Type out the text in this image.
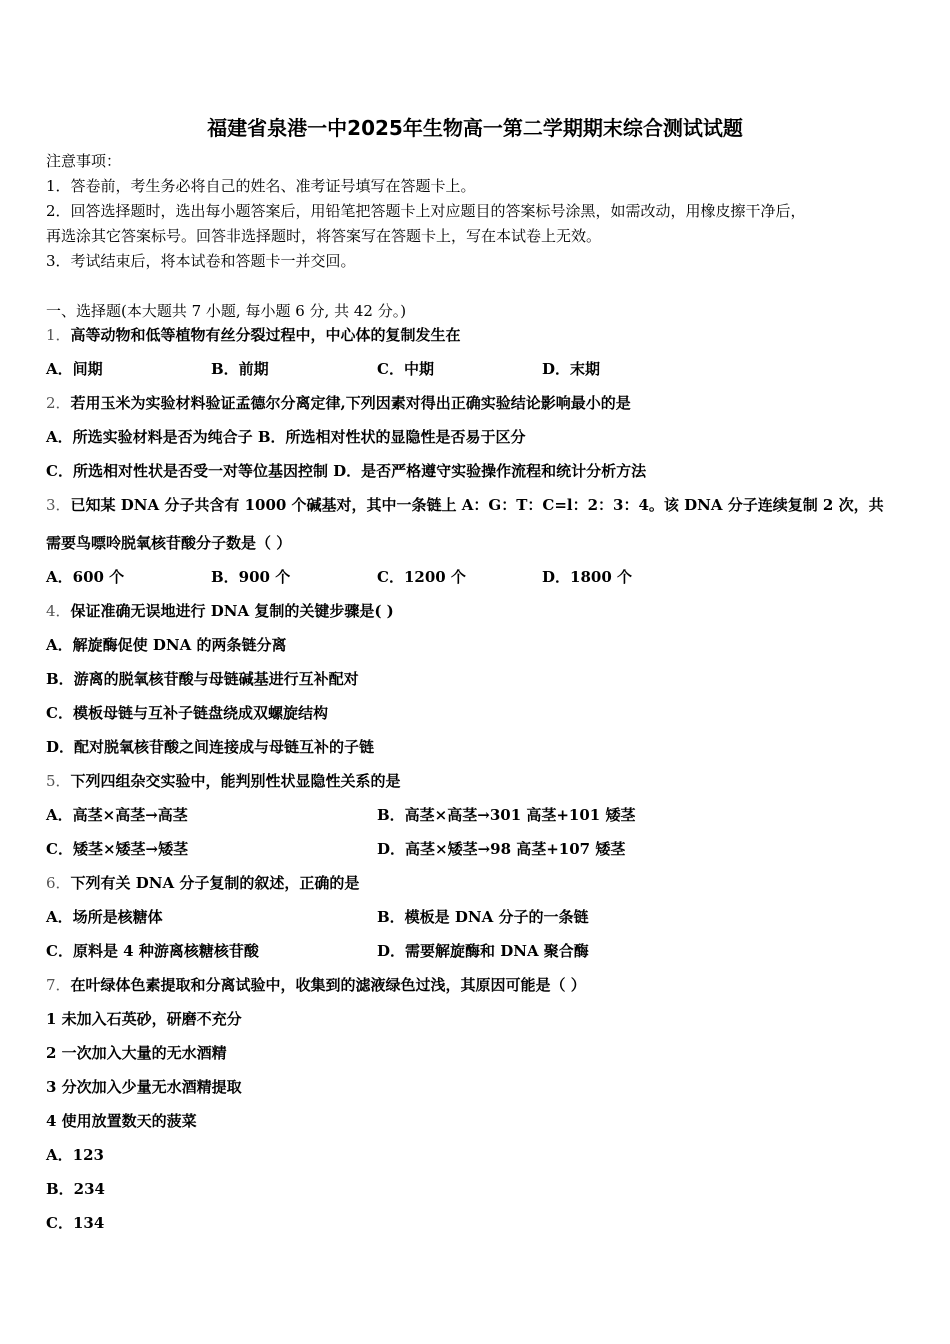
福建省泉港一中2025年生物高一第二学期期末综合测试试题
注意事项：
1．答卷前，考生务必将自己的姓名、准考证号填写在答题卡上。
2．回答选择题时，选出每小题答案后，用铅笔把答题卡上对应题目的答案标号涂黑，如需改动，用橡皮擦干净后，
再选涂其它答案标号。回答非选择题时，将答案写在答题卡上，写在本试卷上无效。
3．考试结束后，将本试卷和答题卡一并交回。
一、选择题(本大题共 7 小题, 每小题 6 分, 共 42 分。)
1．高等动物和低等植物有丝分裂过程中，中心体的复制发生在
A．间期	B．前期	C．中期	D．末期
2．若用玉米为实验材料验证孟德尔分离定律,下列因素对得出正确实验结论影响最小的是
A．所选实验材料是否为纯合子 B．所选相对性状的显隐性是否易于区分
C．所选相对性状是否受一对等位基因控制 D．是否严格遵守实验操作流程和统计分析方法
3．已知某 DNA 分子共含有 1000 个碱基对，其中一条链上 A：G：T：C=l：2：3：4。该 DNA 分子连续复制 2 次，共
需要鸟嘌呤脱氧核苷酸分子数是（ ）
A．600 个	B．900 个	C．1200 个	D．1800 个
4．保证准确无误地进行 DNA 复制的关键步骤是( )
A．解旋酶促使 DNA 的两条链分离
B．游离的脱氧核苷酸与母链碱基进行互补配对
C．模板母链与互补子链盘绕成双螺旋结构
D．配对脱氧核苷酸之间连接成与母链互补的子链
5．下列四组杂交实验中，能判别性状显隐性关系的是
A．高茎×高茎→高茎	B．高茎×高茎→301 高茎+101 矮茎
C．矮茎×矮茎→矮茎	D．高茎×矮茎→98 高茎+107 矮茎
6．下列有关 DNA 分子复制的叙述，正确的是
A．场所是核糖体	B．模板是 DNA 分子的一条链
C．原料是 4 种游离核糖核苷酸	D．需要解旋酶和 DNA 聚合酶
7．在叶绿体色素提取和分离试验中，收集到的滤液绿色过浅，其原因可能是（ ）
1 未加入石英砂，研磨不充分
2 一次加入大量的无水酒精
3 分次加入少量无水酒精提取
4 使用放置数天的菠菜
A．123
B．234
C．134
